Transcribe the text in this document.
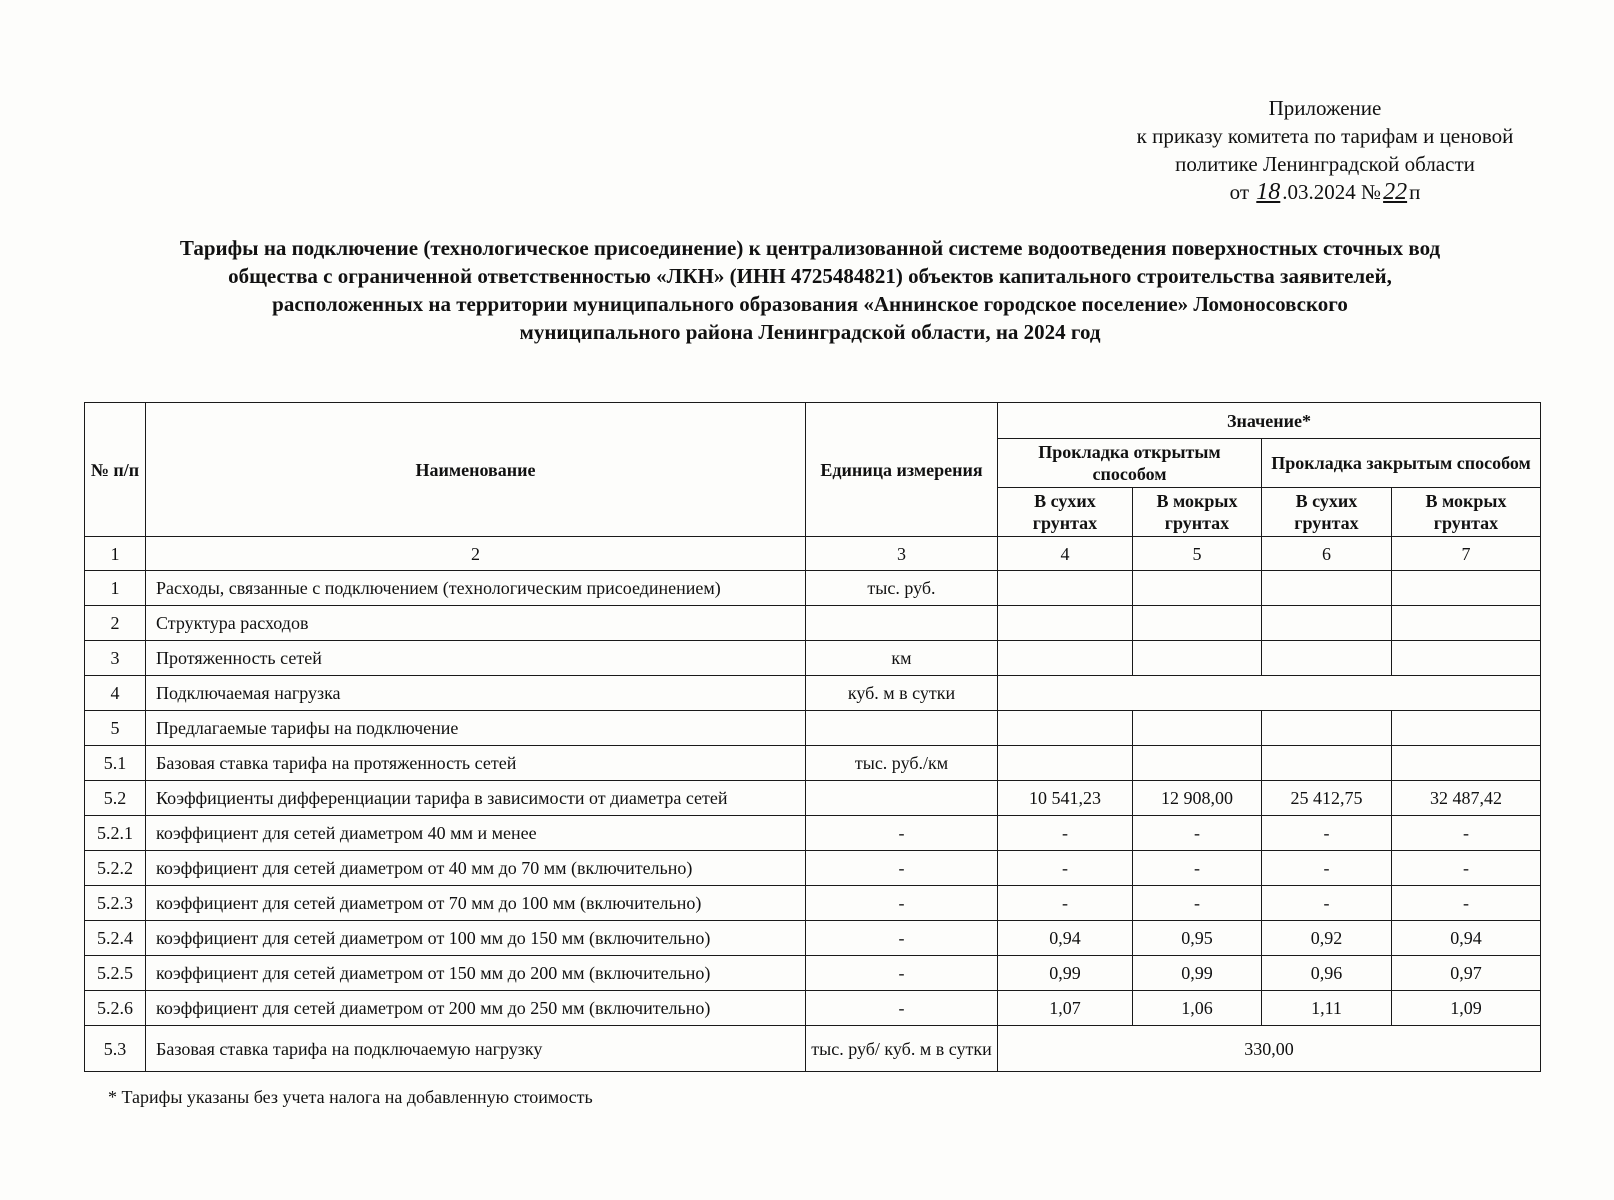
Приложение
к приказу комитета по тарифам и ценовой
политике Ленинградской области
от 18.03.2024 №22п
Тарифы на подключение (технологическое присоединение) к централизованной системе водоотведения поверхностных сточных вод
общества с ограниченной ответственностью «ЛКН» (ИНН 4725484821) объектов капитального строительства заявителей,
расположенных на территории муниципального образования «Аннинское городское поселение» Ломоносовского
муниципального района Ленинградской области, на 2024 год
№ п/п	Наименование	Единица измерения	Значение*			
			Прокладка открытым способом		Прокладка закрытым способом	
			В сухих грунтах	В мокрых грунтах	В сухих грунтах	В мокрых грунтах
1	2	3	4	5	6	7
1	Расходы, связанные с подключением (технологическим присоединением)	тыс. руб.				
2	Структура расходов					
3	Протяженность сетей	км				
4	Подключаемая нагрузка	куб. м в сутки				
5	Предлагаемые тарифы на подключение					
5.1	Базовая ставка тарифа на протяженность сетей	тыс. руб./км				
5.2	Коэффициенты дифференциации тарифа в зависимости от диаметра сетей		10 541,23	12 908,00	25 412,75	32 487,42
5.2.1	коэффициент для сетей диаметром 40 мм и менее	-	-	-	-	-
5.2.2	коэффициент для сетей диаметром от 40 мм до 70 мм (включительно)	-	-	-	-	-
5.2.3	коэффициент для сетей диаметром от 70 мм до 100 мм (включительно)	-	-	-	-	-
5.2.4	коэффициент для сетей диаметром от 100 мм до 150 мм (включительно)	-	0,94	0,95	0,92	0,94
5.2.5	коэффициент для сетей диаметром от 150 мм до 200 мм (включительно)	-	0,99	0,99	0,96	0,97
5.2.6	коэффициент для сетей диаметром от 200 мм до 250 мм (включительно)	-	1,07	1,06	1,11	1,09
5.3	Базовая ставка тарифа на подключаемую нагрузку	тыс. руб/ куб. м в сутки	330,00			
* Тарифы указаны без учета налога на добавленную стоимость
